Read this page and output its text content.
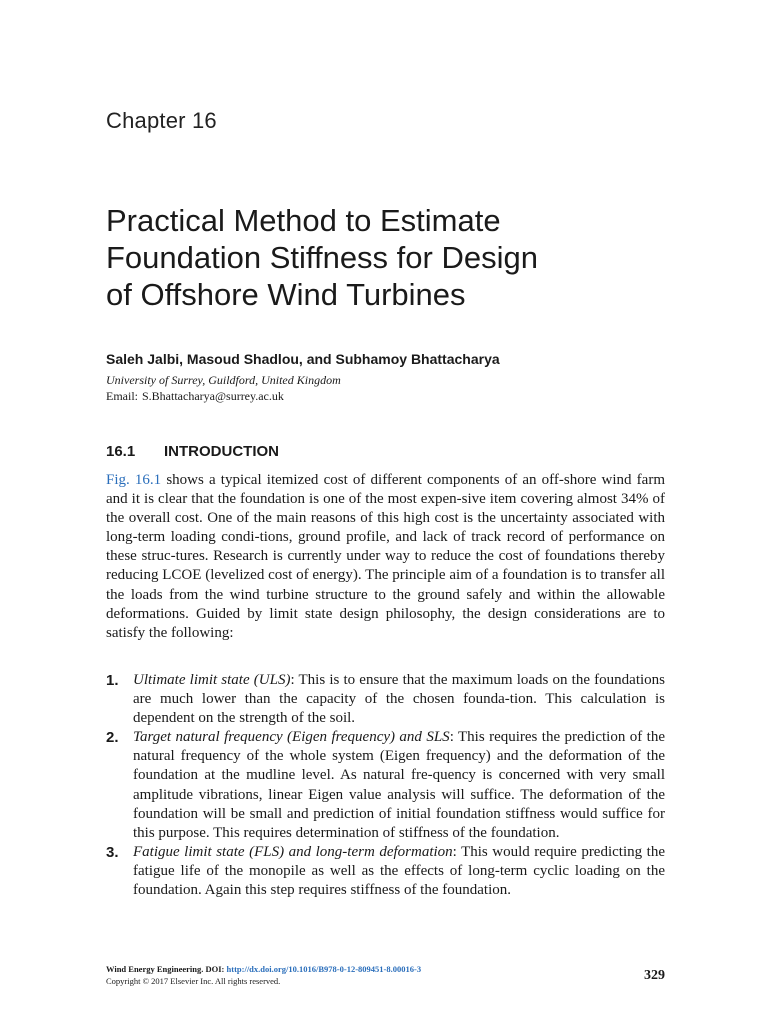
Chapter 16
Practical Method to Estimate
Foundation Stiffness for Design
of Offshore Wind Turbines
Saleh Jalbi, Masoud Shadlou, and Subhamoy Bhattacharya
University of Surrey, Guildford, United Kingdom
Email: S.Bhattacharya@surrey.ac.uk
16.1 INTRODUCTION

Fig. 16.1 shows a typical itemized cost of different components of an off-shore wind farm and it is clear that the foundation is one of the most expen-sive item covering almost 34% of the overall cost. One of the main reasons of this high cost is the uncertainty associated with long-term loading condi-tions, ground profile, and lack of track record of performance on these struc-tures. Research is currently under way to reduce the cost of foundations thereby reducing LCOE (levelized cost of energy). The principle aim of a foundation is to transfer all the loads from the wind turbine structure to the ground safely and within the allowable deformations. Guided by limit state design philosophy, the design considerations are to satisfy the following:

1. Ultimate limit state (ULS): This is to ensure that the maximum loads on the foundations are much lower than the capacity of the chosen founda-tion. This calculation is dependent on the strength of the soil.
2. Target natural frequency (Eigen frequency) and SLS: This requires the prediction of the natural frequency of the whole system (Eigen frequency) and the deformation of the foundation at the mudline level. As natural fre-quency is concerned with very small amplitude vibrations, linear Eigen value analysis will suffice. The deformation of the foundation will be small and prediction of initial foundation stiffness would suffice for this purpose. This requires determination of stiffness of the foundation.
3. Fatigue limit state (FLS) and long-term deformation: This would require predicting the fatigue life of the monopile as well as the effects of long-term cyclic loading on the foundation. Again this step requires stiffness of the foundation.
Wind Energy Engineering. DOI: http://dx.doi.org/10.1016/B978-0-12-809451-8.00016-3
Copyright © 2017 Elsevier Inc. All rights reserved.	329
